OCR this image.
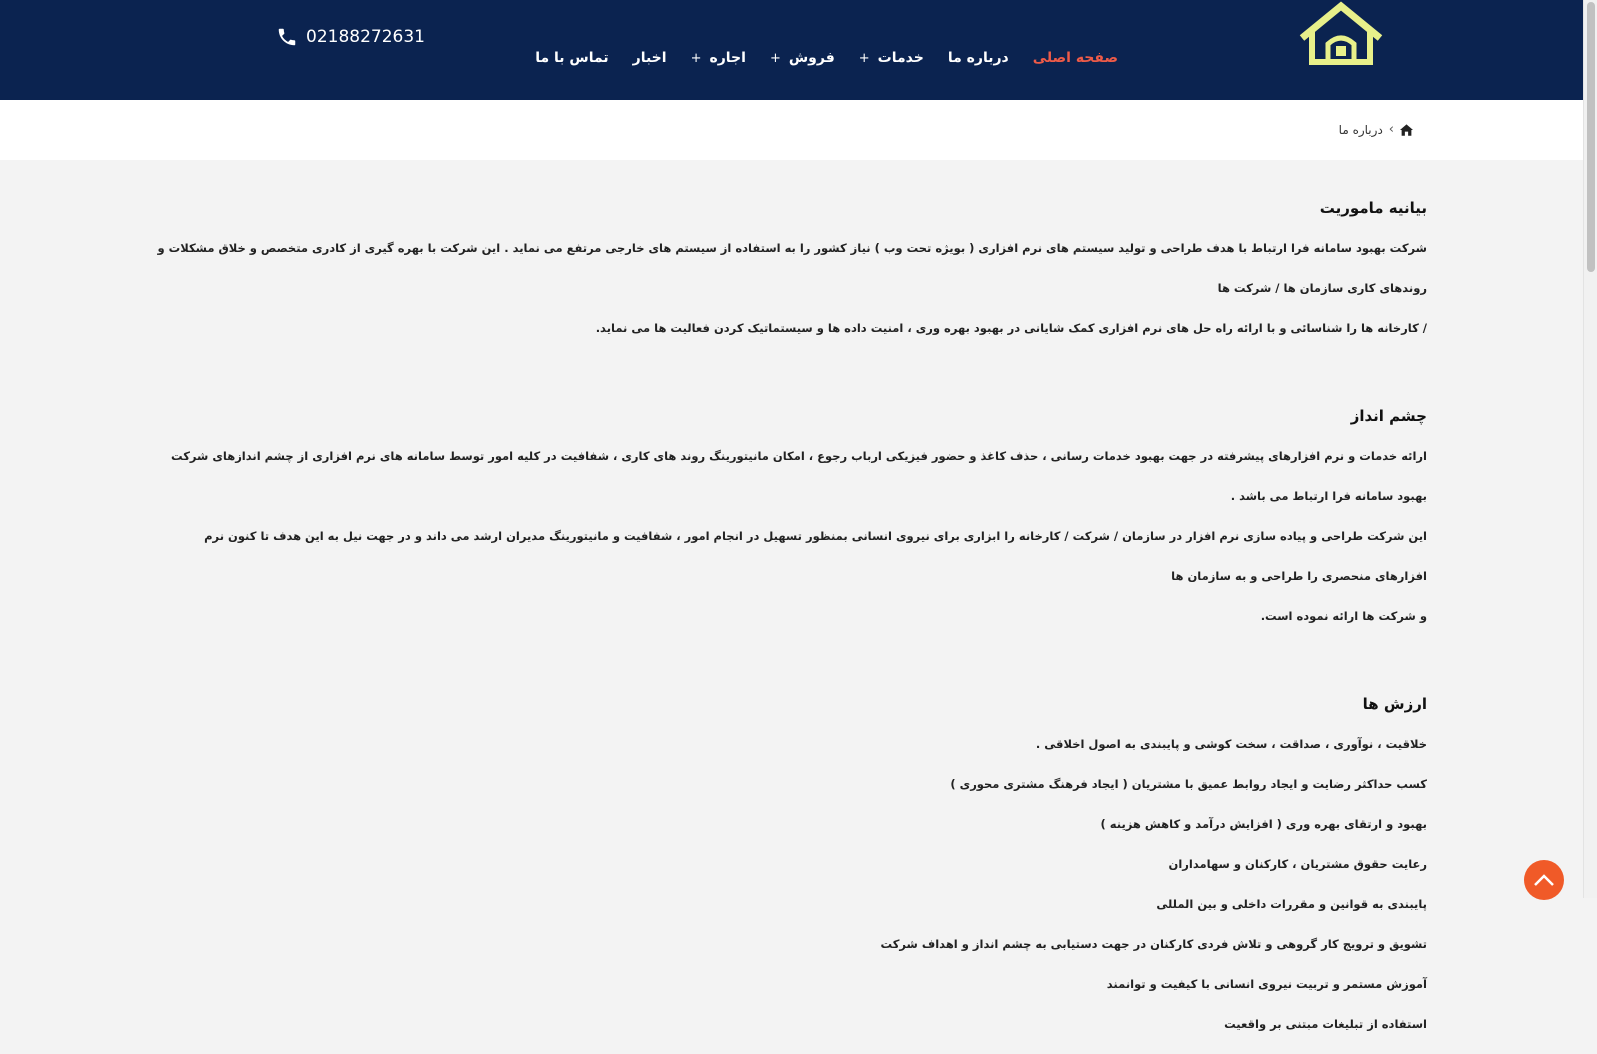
صفحه اصلی
درباره ما
خدمات
+
فروش
+
اجاره
+
اخبار
تماس با ما
02188272631
›
درباره ما
بیانیه ماموریت
شرکت بهبود سامانه فرا ارتباط با هدف طراحی و تولید سیستم های نرم افزاری ( بویژه تحت وب ) نیاز کشور را به استفاده از سیستم های خارجی مرتفع می نماید . این شرکت با بهره گیری از کادری متخصص و خلاق مشکلات و روندهای کاری سازمان ها / شرکت ها
/ کارخانه ها را شناسائی و با ارائه راه حل های نرم افزاری کمک شایانی در بهبود بهره وری ، امنیت داده ها و سیستماتیک کردن فعالیت ها می نماید.
چشم انداز
ارائه خدمات و نرم افزارهای پیشرفته در جهت بهبود خدمات رسانی ، حذف کاغذ و حضور فیزیکی ارباب رجوع ، امکان مانیتورینگ روند های کاری ، شفافیت در کلیه امور توسط سامانه های نرم افزاری از چشم اندازهای شرکت بهبود سامانه فرا ارتباط می باشد .
این شرکت طراحی و پیاده سازی نرم افزار در سازمان / شرکت / کارخانه را ابزاری برای نیروی انسانی بمنظور تسهیل در انجام امور ، شفافیت و مانیتورینگ مدیران ارشد می داند و در جهت نیل به این هدف تا کنون نرم افزارهای منحصری را طراحی و به سازمان ها
و شرکت ها ارائه نموده است.
ارزش ها
خلاقیت ، نوآوری ، صداقت ، سخت کوشی و پایبندی به اصول اخلاقی .
کسب حداکثر رضایت و ایجاد روابط عمیق با مشتریان ( ایجاد فرهنگ مشتری محوری )
بهبود و ارتقای بهره وری ( افزایش درآمد و کاهش هزینه )
رعایت حقوق مشتریان ، کارکنان و سهامداران
پایبندی به قوانین و مقررات داخلی و بین المللی
تشویق و ترویج کار گروهی و تلاش فردی کارکنان در جهت دستیابی به چشم انداز و اهداف شرکت
آموزش مستمر و تربیت نیروی انسانی با کیفیت و توانمند
استفاده از تبلیغات مبتنی بر واقعیت
